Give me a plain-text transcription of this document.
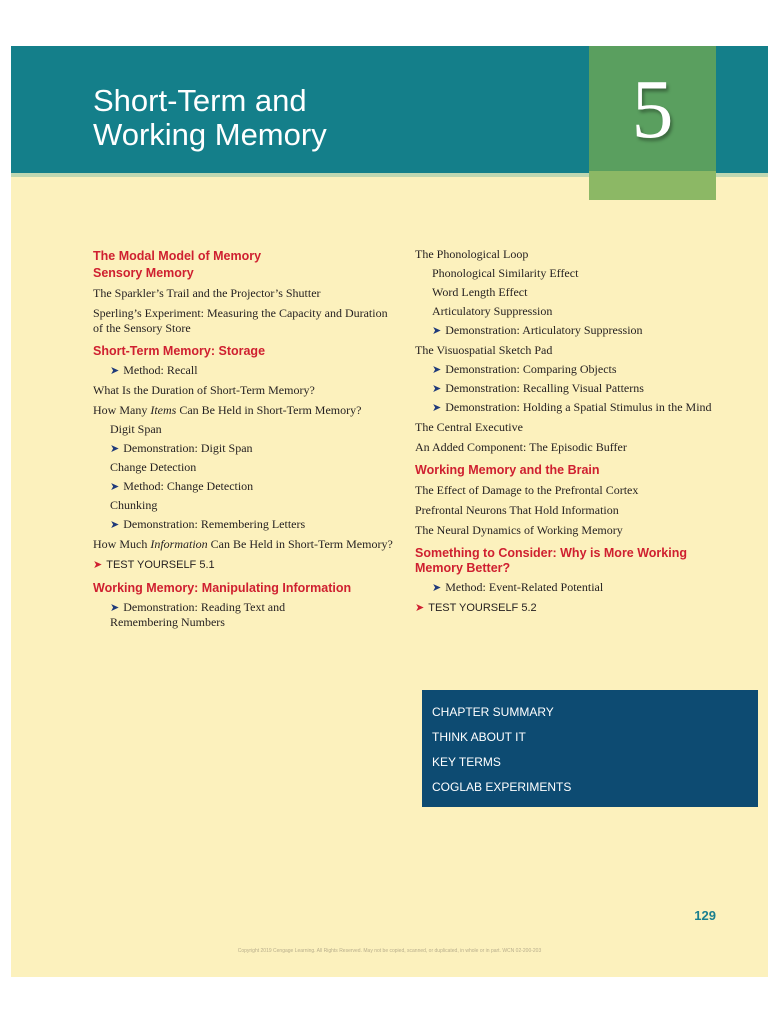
Short-Term and
Working Memory	5
The Modal Model of Memory
Sensory Memory
The Sparkler’s Trail and the Projector’s Shutter
Sperling’s Experiment: Measuring the Capacity and Duration
of the Sensory Store
Short-Term Memory: Storage
➤ Method: Recall
What Is the Duration of Short-Term Memory?
How Many Items Can Be Held in Short-Term Memory?
Digit Span
➤ Demonstration: Digit Span
Change Detection
➤ Method: Change Detection
Chunking
➤ Demonstration: Remembering Letters
How Much Information Can Be Held in Short-Term Memory?
➤ TEST YOURSELF 5.1
Working Memory: Manipulating Information
➤ Demonstration: Reading Text and
Remembering Numbers
The Phonological Loop
Phonological Similarity Effect
Word Length Effect
Articulatory Suppression
➤ Demonstration: Articulatory Suppression
The Visuospatial Sketch Pad
➤ Demonstration: Comparing Objects
➤ Demonstration: Recalling Visual Patterns
➤ Demonstration: Holding a Spatial Stimulus in the Mind
The Central Executive
An Added Component: The Episodic Buffer
Working Memory and the Brain
The Effect of Damage to the Prefrontal Cortex
Prefrontal Neurons That Hold Information
The Neural Dynamics of Working Memory
Something to Consider: Why is More Working
Memory Better?
➤ Method: Event-Related Potential
➤ TEST YOURSELF 5.2
CHAPTER SUMMARY
THINK ABOUT IT
KEY TERMS
COGLAB EXPERIMENTS
129
Copyright 2019 Cengage Learning. All Rights Reserved. May not be copied, scanned, or duplicated, in whole or in part. WCN 02-200-203
